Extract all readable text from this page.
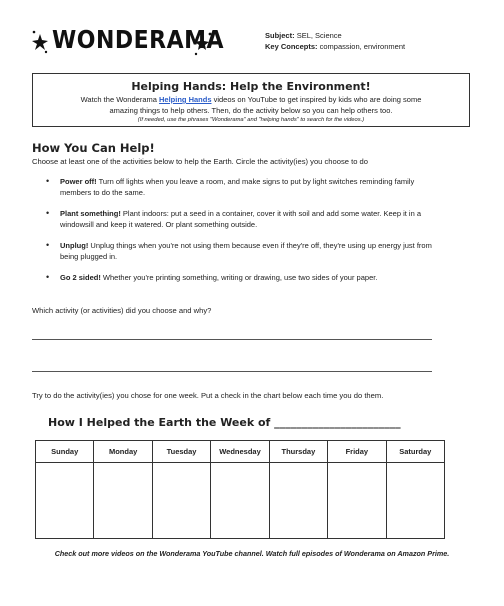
WONDERAMA	Subject: SEL, Science
Key Concepts: compassion, environment
Helping Hands: Help the Environment!
Watch the Wonderama Helping Hands videos on YouTube to get inspired by kids who are doing some
amazing things to help others. Then, do the activity below so you can help others too.
(If needed, use the phrases "Wonderama" and "helping hands" to search for the videos.)
How You Can Help!
Choose at least one of the activities below to help the Earth. Circle the activity(ies) you choose to do
• Power off! Turn off lights when you leave a room, and make signs to put by light switches reminding family members to do the same.
• Plant something! Plant indoors: put a seed in a container, cover it with soil and add some water. Keep it in a windowsill and keep it watered. Or plant something outside.
• Unplug! Unplug things when you're not using them because even if they're off, they're using up energy just from being plugged in.
• Go 2 sided! Whether you're printing something, writing or drawing, use two sides of your paper.
Which activity (or activities) did you choose and why?
Try to do the activity(ies) you chose for one week. Put a check in the chart below each time you do them.
How I Helped the Earth the Week of _______________________
Sunday	Monday	Tuesday	Wednesday	Thursday	Friday	Saturday

Check out more videos on the Wonderama YouTube channel. Watch full episodes of Wonderama on Amazon Prime.
